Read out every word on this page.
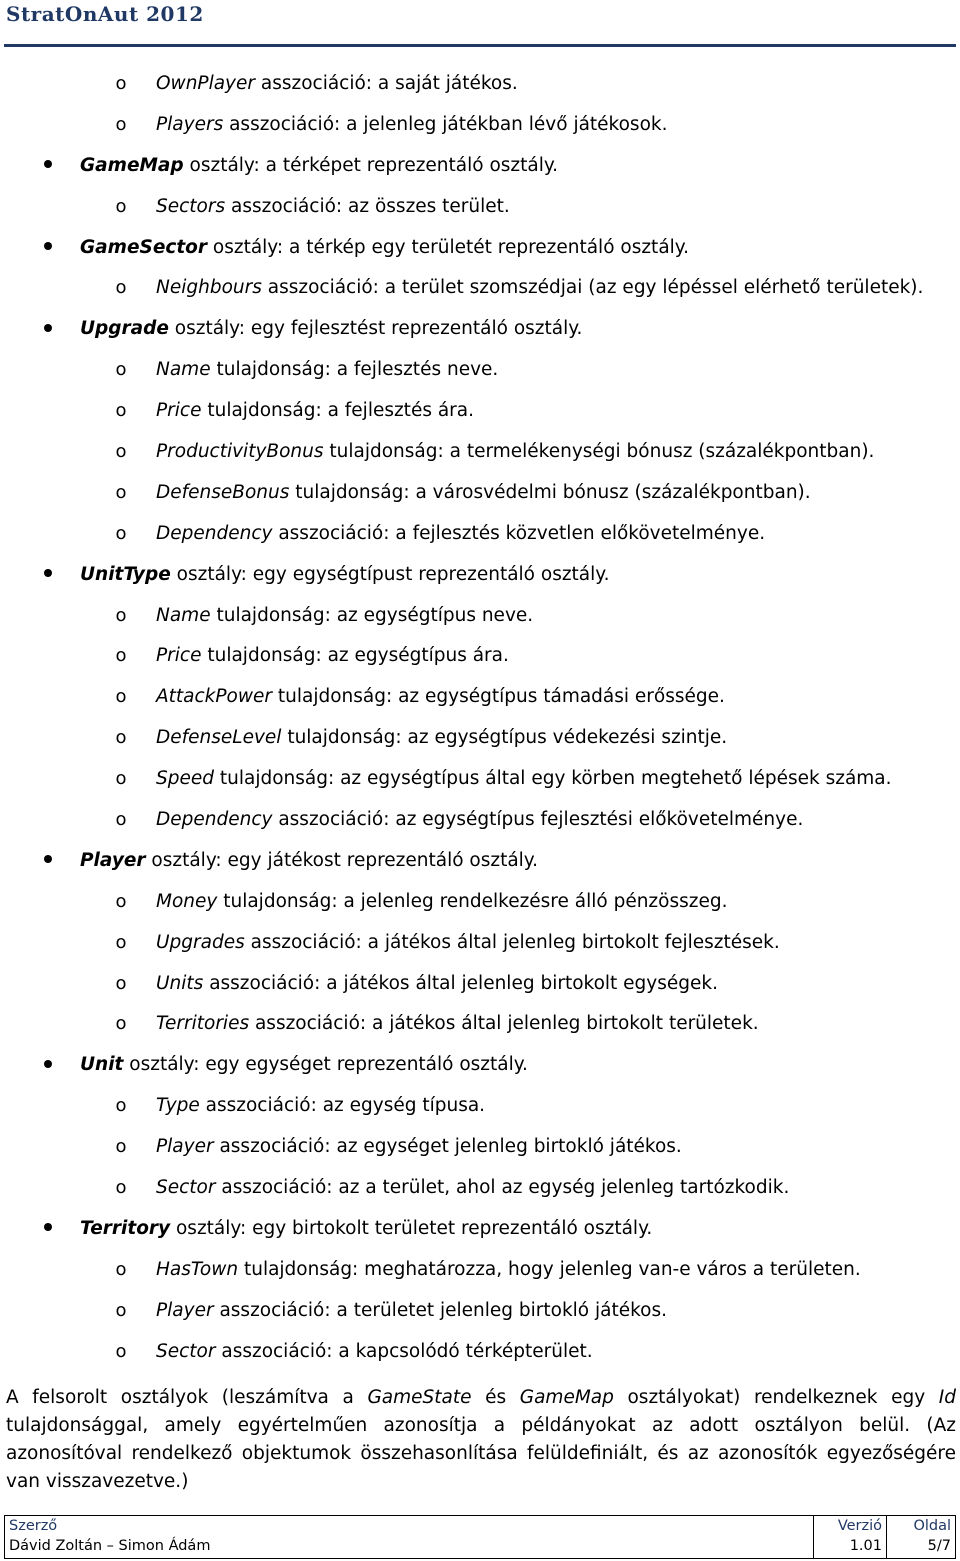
StratOnAut 2012
o OwnPlayer asszociáció: a saját játékos.
o Players asszociáció: a jelenleg játékban lévő játékosok.
GameMap osztály: a térképet reprezentáló osztály.
o Sectors asszociáció: az összes terület.
GameSector osztály: a térkép egy területét reprezentáló osztály.
o Neighbours asszociáció: a terület szomszédjai (az egy lépéssel elérhető területek).
Upgrade osztály: egy fejlesztést reprezentáló osztály.
o Name tulajdonság: a fejlesztés neve.
o Price tulajdonság: a fejlesztés ára.
o ProductivityBonus tulajdonság: a termelékenységi bónusz (százalékpontban).
o DefenseBonus tulajdonság: a városvédelmi bónusz (százalékpontban).
o Dependency asszociáció: a fejlesztés közvetlen előkövetelménye.
UnitType osztály: egy egységtípust reprezentáló osztály.
o Name tulajdonság: az egységtípus neve.
o Price tulajdonság: az egységtípus ára.
o AttackPower tulajdonság: az egységtípus támadási erőssége.
o DefenseLevel tulajdonság: az egységtípus védekezési szintje.
o Speed tulajdonság: az egységtípus által egy körben megtehető lépések száma.
o Dependency asszociáció: az egységtípus fejlesztési előkövetelménye.
Player osztály: egy játékost reprezentáló osztály.
o Money tulajdonság: a jelenleg rendelkezésre álló pénzösszeg.
o Upgrades asszociáció: a játékos által jelenleg birtokolt fejlesztések.
o Units asszociáció: a játékos által jelenleg birtokolt egységek.
o Territories asszociáció: a játékos által jelenleg birtokolt területek.
Unit osztály: egy egységet reprezentáló osztály.
o Type asszociáció: az egység típusa.
o Player asszociáció: az egységet jelenleg birtokló játékos.
o Sector asszociáció: az a terület, ahol az egység jelenleg tartózkodik.
Territory osztály: egy birtokolt területet reprezentáló osztály.
o HasTown tulajdonság: meghatározza, hogy jelenleg van-e város a területen.
o Player asszociáció: a területet jelenleg birtokló játékos.
o Sector asszociáció: a kapcsolódó térképterület.

A felsorolt osztályok (leszámítva a GameState és GameMap osztályokat) rendelkeznek egy Id tulajdonsággal, amely egyértelműen azonosítja a példányokat az adott osztályon belül. (Az azonosítóval rendelkező objektumok összehasonlítása felüldefiniált, és az azonosítók egyezőségére van visszavezetve.)

Szerző
Dávid Zoltán – Simon Ádám

Verzió
1.01

Oldal
5/7
